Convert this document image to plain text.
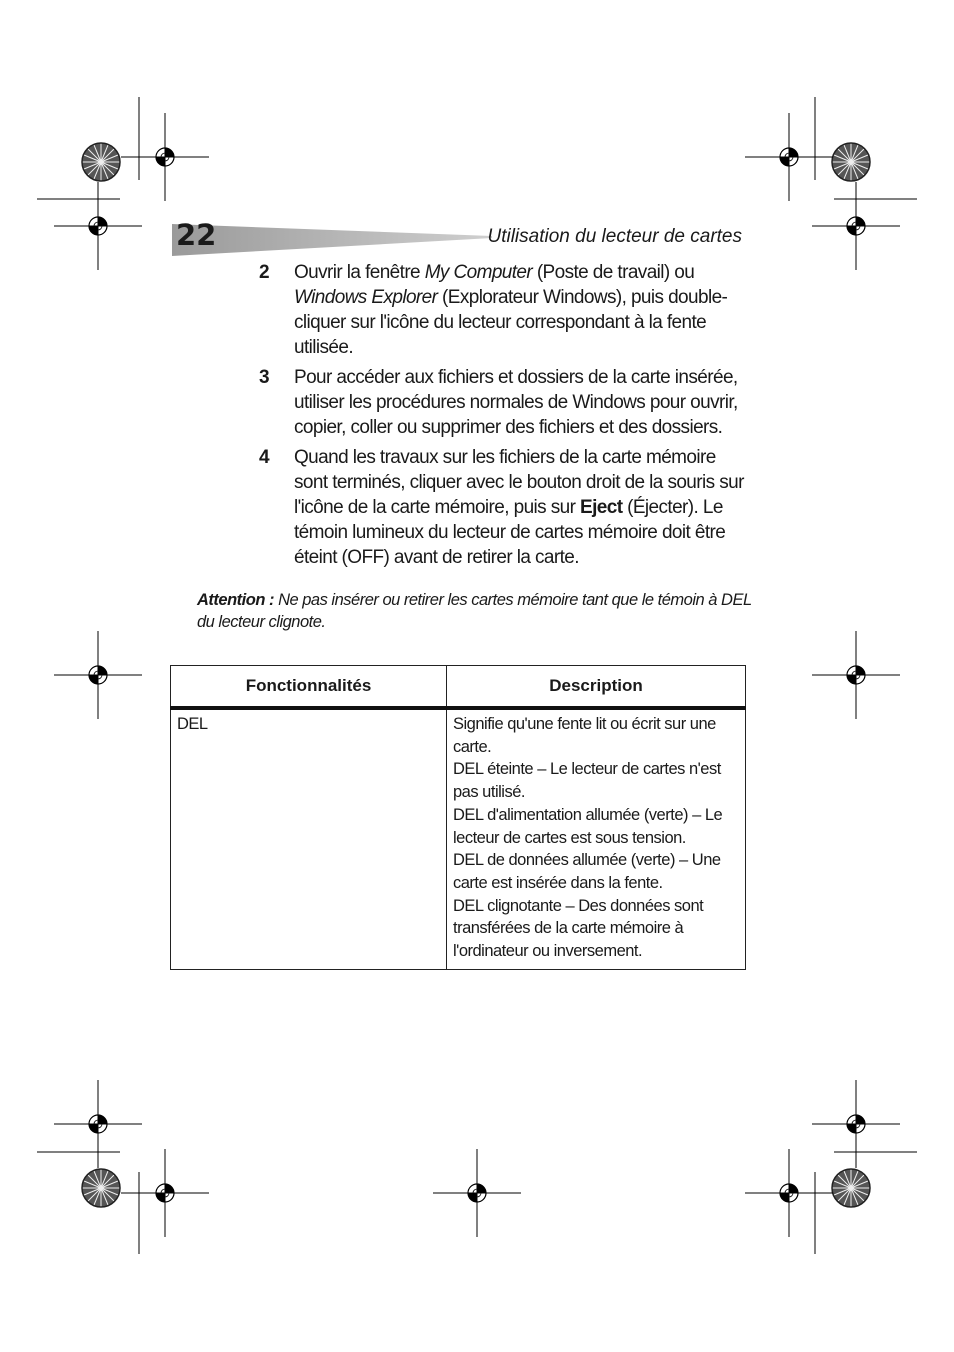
22	Utilisation du lecteur de cartes
2	Ouvrir la fenêtre My Computer (Poste de travail) ou Windows Explorer (Explorateur Windows), puis double-cliquer sur l'icône du lecteur correspondant à la fente utilisée.
3	Pour accéder aux fichiers et dossiers de la carte insérée, utiliser les procédures normales de Windows pour ouvrir, copier, coller ou supprimer des fichiers et des dossiers.
4	Quand les travaux sur les fichiers de la carte mémoire sont terminés, cliquer avec le bouton droit de la souris sur l'icône de la carte mémoire, puis sur Eject (Éjecter). Le témoin lumineux du lecteur de cartes mémoire doit être éteint (OFF) avant de retirer la carte.
Attention : Ne pas insérer ou retirer les cartes mémoire tant que le témoin à DEL du lecteur clignote.
Fonctionnalités	Description
DEL	Signifie qu'une fente lit ou écrit sur une carte.
DEL éteinte – Le lecteur de cartes n'est pas utilisé.
DEL d'alimentation allumée (verte) – Le lecteur de cartes est sous tension.
DEL de données allumée (verte) – Une carte est insérée dans la fente.
DEL clignotante – Des données sont transférées de la carte mémoire à l'ordinateur ou inversement.
